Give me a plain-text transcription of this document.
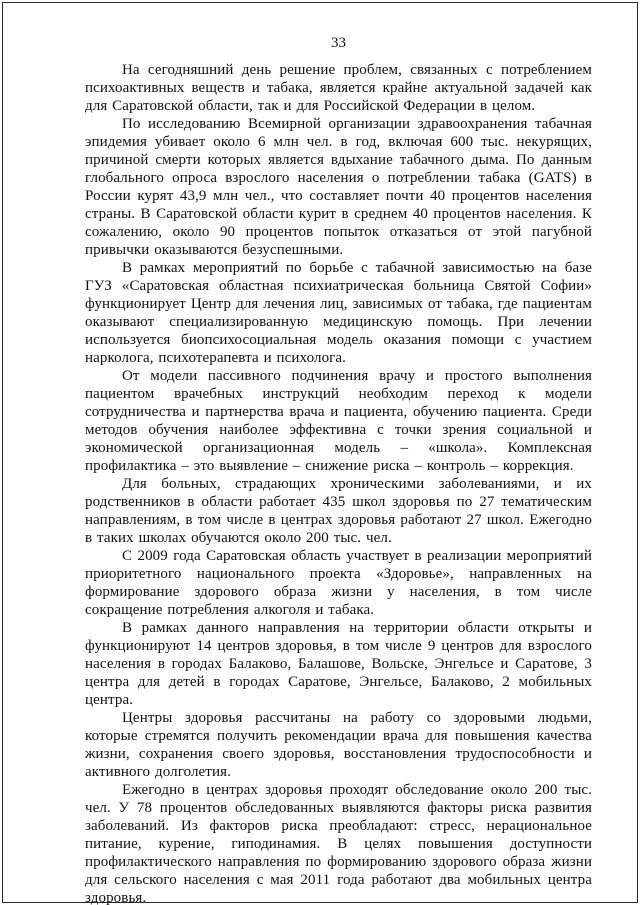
33

На сегодняшний день решение проблем, связанных с потреблением психоактивных веществ и табака, является крайне актуальной задачей как для Саратовской области, так и для Российской Федерации в целом.

По исследованию Всемирной организации здравоохранения табачная эпидемия убивает около 6 млн чел. в год, включая 600 тыс. некурящих, причиной смерти которых является вдыхание табачного дыма. По данным глобального опроса взрослого населения о потреблении табака (GATS) в России курят 43,9 млн чел., что составляет почти 40 процентов населения страны. В Саратовской области курит в среднем 40 процентов населения. К сожалению, около 90 процентов попыток отказаться от этой пагубной привычки оказываются безуспешными.

В рамках мероприятий по борьбе с табачной зависимостью на базе ГУЗ «Саратовская областная психиатрическая больница Святой Софии» функционирует Центр для лечения лиц, зависимых от табака, где пациентам оказывают специализированную медицинскую помощь. При лечении используется биопсихосоциальная модель оказания помощи с участием нарколога, психотерапевта и психолога.

От модели пассивного подчинения врачу и простого выполнения пациентом врачебных инструкций необходим переход к модели сотрудничества и партнерства врача и пациента, обучению пациента. Среди методов обучения наиболее эффективна с точки зрения социальной и экономической организационная модель – «школа». Комплексная профилактика – это выявление – снижение риска – контроль – коррекция.

Для больных, страдающих хроническими заболеваниями, и их родственников в области работает 435 школ здоровья по 27 тематическим направлениям, в том числе в центрах здоровья работают 27 школ. Ежегодно в таких школах обучаются около 200 тыс. чел.

С 2009 года Саратовская область участвует в реализации мероприятий приоритетного национального проекта «Здоровье», направленных на формирование здорового образа жизни у населения, в том числе сокращение потребления алкоголя и табака.

В рамках данного направления на территории области открыты и функционируют 14 центров здоровья, в том числе 9 центров для взрослого населения в городах Балаково, Балашове, Вольске, Энгельсе и Саратове, 3 центра для детей в городах Саратове, Энгельсе, Балаково, 2 мобильных центра.

Центры здоровья рассчитаны на работу со здоровыми людьми, которые стремятся получить рекомендации врача для повышения качества жизни, сохранения своего здоровья, восстановления трудоспособности и активного долголетия.

Ежегодно в центрах здоровья проходят обследование около 200 тыс. чел. У 78 процентов обследованных выявляются факторы риска развития заболеваний. Из факторов риска преобладают: стресс, нерациональное питание, курение, гиподинамия. В целях повышения доступности профилактического направления по формированию здорового образа жизни для сельского населения с мая 2011 года работают два мобильных центра здоровья.
